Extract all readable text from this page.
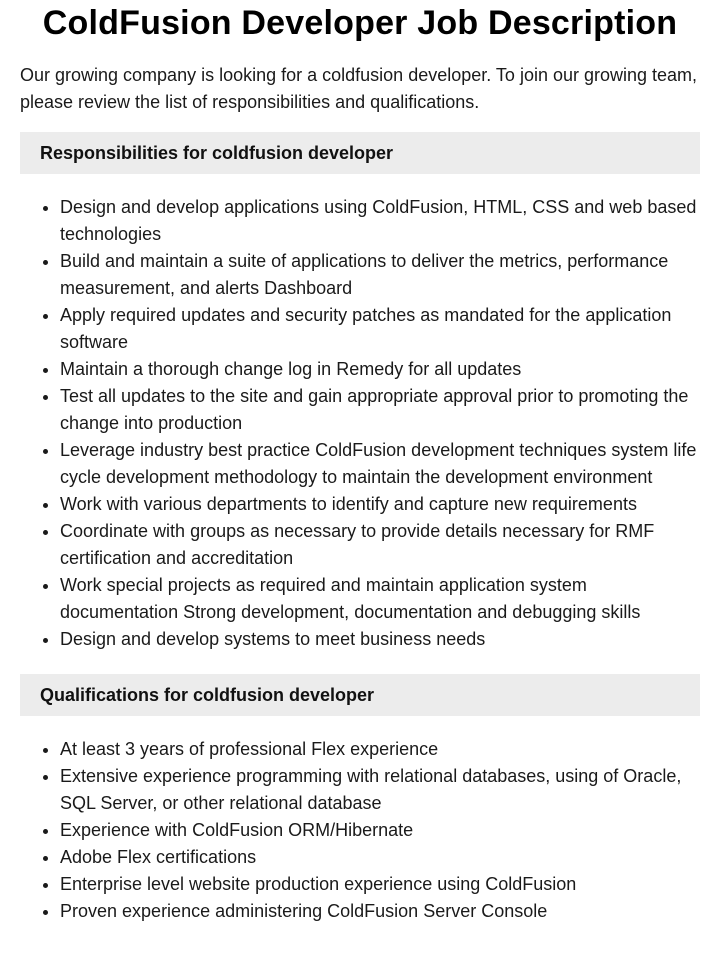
ColdFusion Developer Job Description

Our growing company is looking for a coldfusion developer. To join our growing team, please review the list of responsibilities and qualifications.

Responsibilities for coldfusion developer
• Design and develop applications using ColdFusion, HTML, CSS and web based technologies
• Build and maintain a suite of applications to deliver the metrics, performance measurement, and alerts Dashboard
• Apply required updates and security patches as mandated for the application software
• Maintain a thorough change log in Remedy for all updates
• Test all updates to the site and gain appropriate approval prior to promoting the change into production
• Leverage industry best practice ColdFusion development techniques system life cycle development methodology to maintain the development environment
• Work with various departments to identify and capture new requirements
• Coordinate with groups as necessary to provide details necessary for RMF certification and accreditation
• Work special projects as required and maintain application system documentation Strong development, documentation and debugging skills
• Design and develop systems to meet business needs
Qualifications for coldfusion developer
• At least 3 years of professional Flex experience
• Extensive experience programming with relational databases, using of Oracle, SQL Server, or other relational database
• Experience with ColdFusion ORM/Hibernate
• Adobe Flex certifications
• Enterprise level website production experience using ColdFusion
• Proven experience administering ColdFusion Server Console
